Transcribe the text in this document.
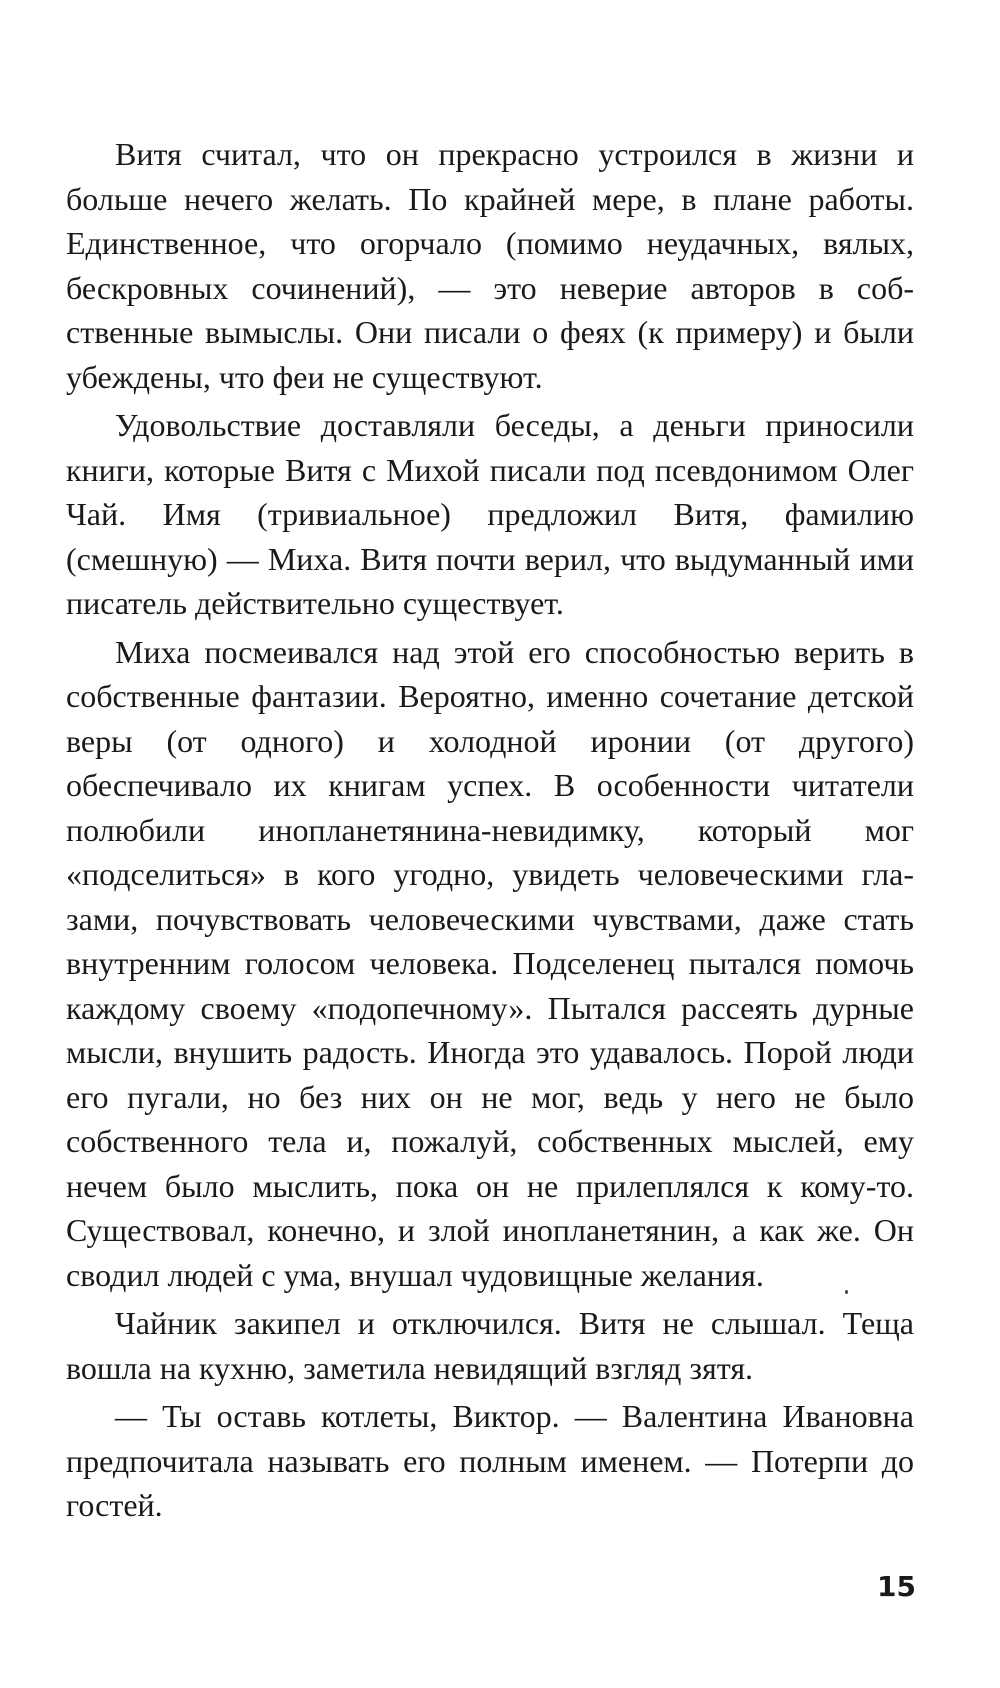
Витя считал, что он прекрасно устроился в жизни и больше нечего желать. По крайней мере, в плане работы. Единственное, что огорчало (помимо неудачных, вялых, бескровных сочинений), — это неверие авторов в собственные вымыслы. Они писали о феях (к примеру) и были убеждены, что феи не существуют.

Удовольствие доставляли беседы, а деньги приносили книги, которые Витя с Михой писали под псевдонимом Олег Чай. Имя (тривиальное) предложил Витя, фамилию (смешную) — Миха. Витя почти верил, что выдуманный ими писатель действительно существует.

Миха посмеивался над этой его способностью верить в собственные фантазии. Вероятно, именно сочетание детской веры (от одного) и холодной иронии (от другого) обеспечивало их книгам успех. В особенности читатели полюбили инопланетянина-невидимку, который мог «подселиться» в кого угодно, увидеть человеческими глазами, почувствовать человеческими чувствами, даже стать внутренним голосом человека. Подселенец пытался помочь каждому своему «подопечному». Пытался рассеять дурные мысли, внушить радость. Иногда это удавалось. Порой люди его пугали, но без них он не мог, ведь у него не было собственного тела и, пожалуй, собственных мыслей, ему нечем было мыслить, пока он не прилеплялся к кому-то. Существовал, конечно, и злой инопланетянин, а как же. Он сводил людей с ума, внушал чудовищные желания.

Чайник закипел и отключился. Витя не слышал. Теща вошла на кухню, заметила невидящий взгляд зятя.

— Ты оставь котлеты, Виктор. — Валентина Ивановна предпочитала называть его полным именем. — Потерпи до гостей.

15
